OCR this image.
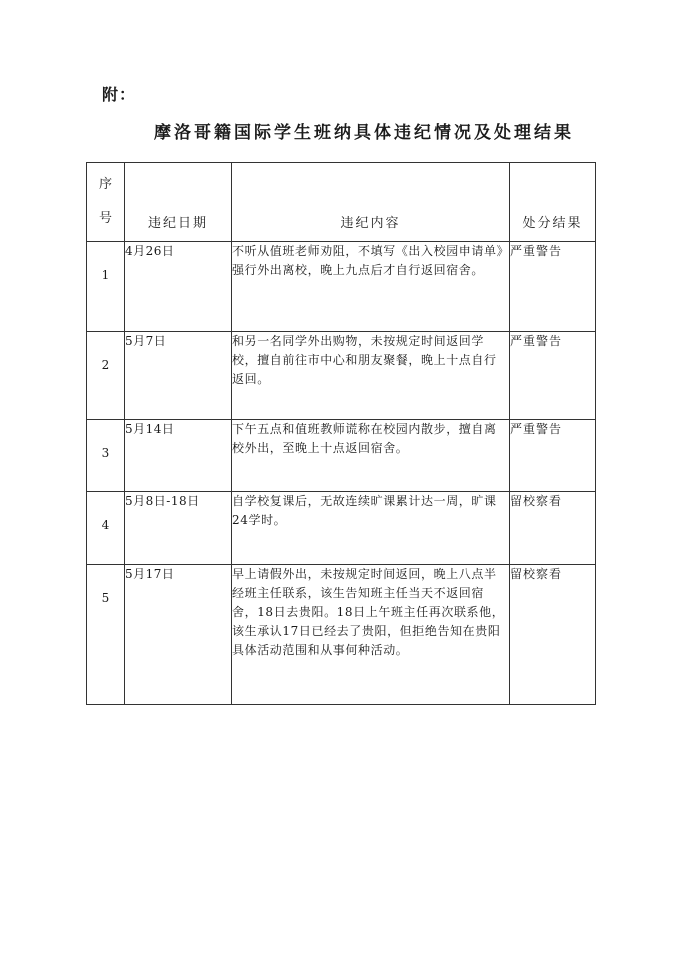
附：
摩洛哥籍国际学生班纳具体违纪情况及处理结果
序号	违纪日期	违纪内容	处分结果
1	4月26日	不听从值班老师劝阻，不填写《出入校园申请单》强行外出离校，晚上九点后才自行返回宿舍。	严重警告
2	5月7日	和另一名同学外出购物，未按规定时间返回学校，擅自前往市中心和朋友聚餐，晚上十点自行返回。	严重警告
3	5月14日	下午五点和值班教师谎称在校园内散步，擅自离校外出，至晚上十点返回宿舍。	严重警告
4	5月8日-18日	自学校复课后，无故连续旷课累计达一周，旷课24学时。	留校察看
5	5月17日	早上请假外出，未按规定时间返回，晚上八点半经班主任联系，该生告知班主任当天不返回宿舍，18日去贵阳。18日上午班主任再次联系他，该生承认17日已经去了贵阳，但拒绝告知在贵阳具体活动范围和从事何种活动。	留校察看
